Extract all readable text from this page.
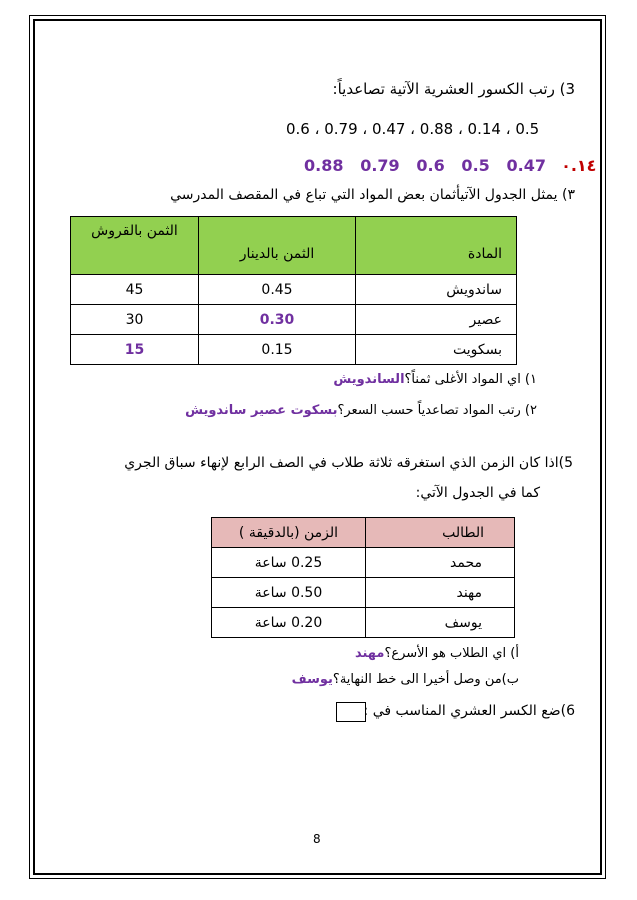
3) رتب الكسور العشرية الآتية تصاعدياً:
0.6 ، 0.79 ، 0.47 ، 0.88 ، 0.14 ، 0.5
0.88   0.79   0.6   0.5   0.47 ٠.١٤
٣) يمثل الجدول الآتيأثمان بعض المواد التي تباع في المقصف المدرسي
المادة	الثمن بالدينار	الثمن بالقروش
ساندويش	0.45	45
عصير	0.30	30
بسكويت	0.15	15
١) اي المواد الأغلى ثمناً؟الساندويش
٢) رتب المواد تصاعدياً حسب السعر؟بسكوت عصير ساندويش
5)اذا كان الزمن الذي استغرقه ثلاثة طلاب في الصف الرابع لإنهاء سباق الجري
كما في الجدول الآتي:
الطالب	الزمن (بالدقيقة )
محمد	0.25 ساعة
مهند	0.50 ساعة
يوسف	0.20 ساعة
أ) اي الطلاب هو الأسرع؟مهند
ب)من وصل أخيرا الى خط النهاية؟يوسف
6)ضع الكسر العشري المناسب في :
8
